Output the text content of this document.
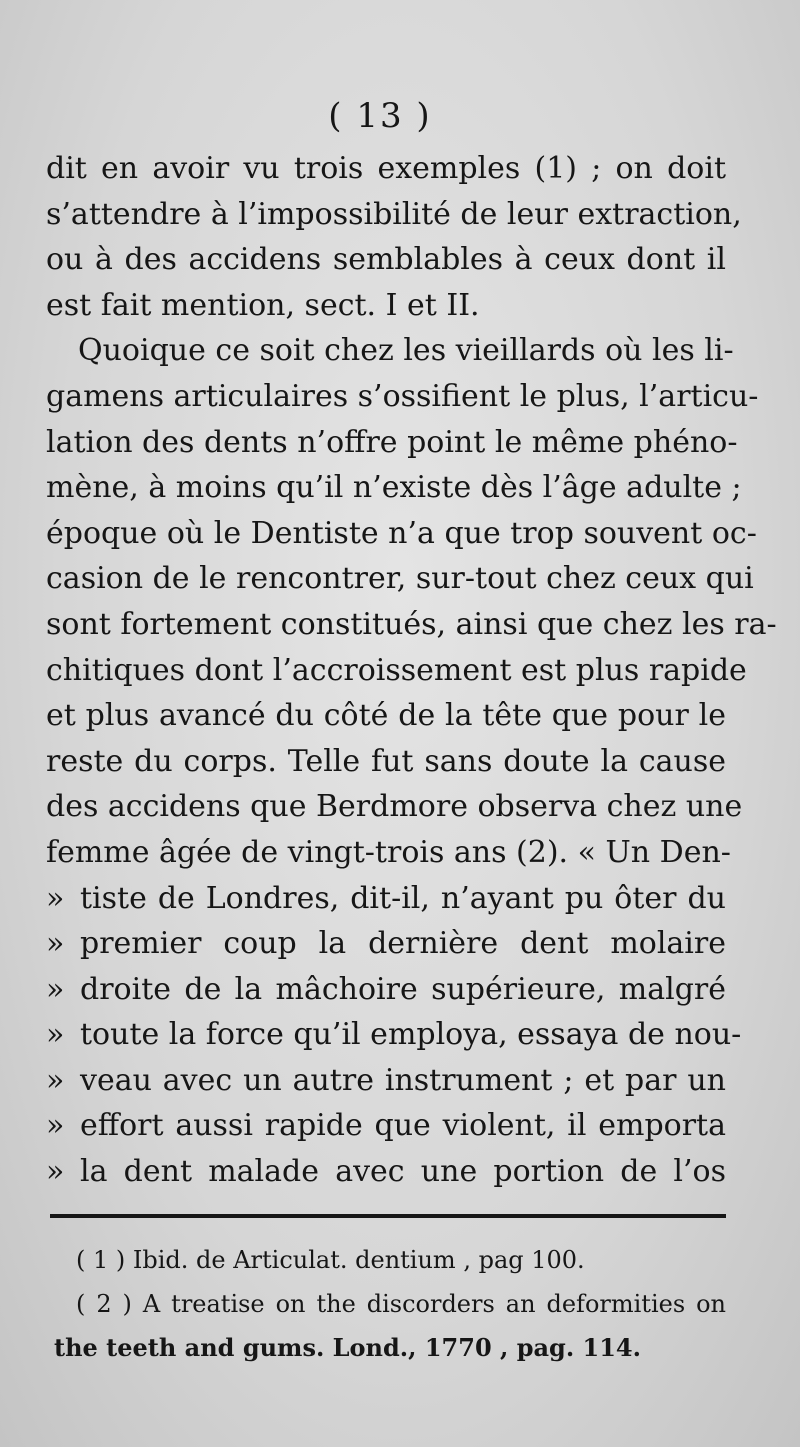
( 13 )
dit en avoir vu trois exemples (1) ; on doit
s’attendre à l’impossibilité de leur extraction,
ou à des accidens semblables à ceux dont il
est fait mention, sect. I et II.
Quoique ce soit chez les vieillards où les li-
gamens articulaires s’ossifient le plus, l’articu-
lation des dents n’offre point le même phéno-
mène, à moins qu’il n’existe dès l’âge adulte ;
époque où le Dentiste n’a que trop souvent oc-
casion de le rencontrer, sur-tout chez ceux qui
sont fortement constitués, ainsi que chez les ra-
chitiques dont l’accroissement est plus rapide
et plus avancé du côté de la tête que pour le
reste du corps. Telle fut sans doute la cause
des accidens que Berdmore observa chez une
femme âgée de vingt-trois ans (2). « Un Den-
» tiste de Londres, dit-il, n’ayant pu ôter du
» premier coup la dernière dent molaire
» droite de la mâchoire supérieure, malgré
» toute la force qu’il employa, essaya de nou-
» veau avec un autre instrument ; et par un
» effort aussi rapide que violent, il emporta
» la dent malade avec une portion de l’os
( 1 ) Ibid. de Articulat. dentium , pag 100.
( 2 ) A treatise on the discorders an deformities on
the teeth and gums. Lond., 1770 , pag. 114.
